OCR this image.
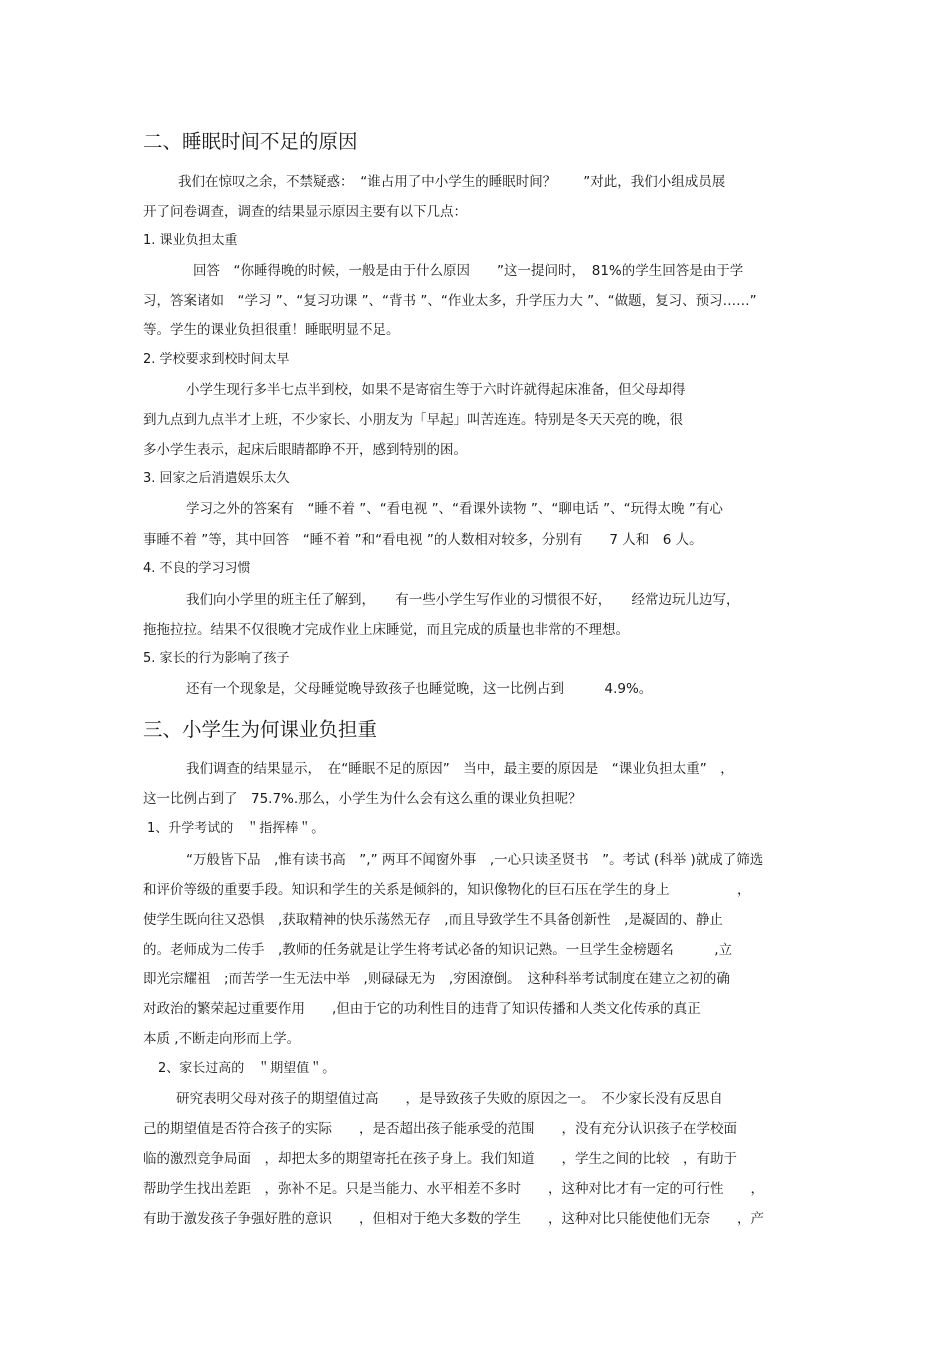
二、睡眠时间不足的原因
我们在惊叹之余，不禁疑惑：　“谁占用了中小学生的睡眠时间？　　”对此，我们小组成员展
开了问卷调查，调查的结果显示原因主要有以下几点：
1. 课业负担太重
回答　“你睡得晚的时候，一般是由于什么原因　　”这一提问时，　81%的学生回答是由于学
习，答案诸如　“学习 ”、“复习功课 ”、“背书 ”、“作业太多，升学压力大 ”、“做题，复习、预习……”
等。学生的课业负担很重！睡眠明显不足。
2. 学校要求到校时间太早
小学生现行多半七点半到校，如果不是寄宿生等于六时许就得起床准备，但父母却得
到九点到九点半才上班，不少家长、小朋友为「早起」叫苦连连。特别是冬天天亮的晚，很
多小学生表示，起床后眼睛都睁不开，感到特别的困。
3. 回家之后消遣娱乐太久
学习之外的答案有　“睡不着 ”、“看电视 ”、“看课外读物 ”、“聊电话 ”、“玩得太晚 ”有心
事睡不着 ”等，其中回答　“睡不着 ”和“看电视 ”的人数相对较多，分别有　　7 人和　6 人。
4. 不良的学习习惯
我们向小学里的班主任了解到，　　有一些小学生写作业的习惯很不好，　　经常边玩儿边写，
拖拖拉拉。结果不仅很晚才完成作业上床睡觉，而且完成的质量也非常的不理想。
5. 家长的行为影响了孩子
还有一个现象是，父母睡觉晚导致孩子也睡觉晚，这一比例占到　　　4.9%。
三、小学生为何课业负担重
我们调查的结果显示，　在“睡眠不足的原因”　当中，最主要的原因是　“课业负担太重”　，
这一比例占到了　75.7%.那么，小学生为什么会有这么重的课业负担呢？
1、升学考试的　＂指挥棒＂。
“万般皆下品　,惟有读书高　”,” 两耳不闻窗外事　,一心只读圣贤书　”。考试 (科举 )就成了筛选
和评价等级的重要手段。知识和学生的关系是倾斜的，知识像物化的巨石压在学生的身上　　　　　，
使学生既向往又恐惧　,获取精神的快乐荡然无存　,而且导致学生不具备创新性　,是凝固的、静止
的。老师成为二传手　,教师的任务就是让学生将考试必备的知识记熟。一旦学生金榜题名　　　,立
即光宗耀祖　;而苦学一生无法中举　,则碌碌无为　,穷困潦倒。　这种科举考试制度在建立之初的确
对政治的繁荣起过重要作用　　,但由于它的功利性目的违背了知识传播和人类文化传承的真正
本质 ,不断走向形而上学。
2、家长过高的　＂期望值＂。
研究表明父母对孩子的期望值过高　　，是导致孩子失败的原因之一。　不少家长没有反思自
己的期望值是否符合孩子的实际　　，是否超出孩子能承受的范围　　，没有充分认识孩子在学校面
临的激烈竞争局面　，却把太多的期望寄托在孩子身上。我们知道　　，学生之间的比较　，有助于
帮助学生找出差距　，弥补不足。只是当能力、水平相差不多时　　，这种对比才有一定的可行性　　，
有助于激发孩子争强好胜的意识　　，但相对于绝大多数的学生　　，这种对比只能使他们无奈　　，产
